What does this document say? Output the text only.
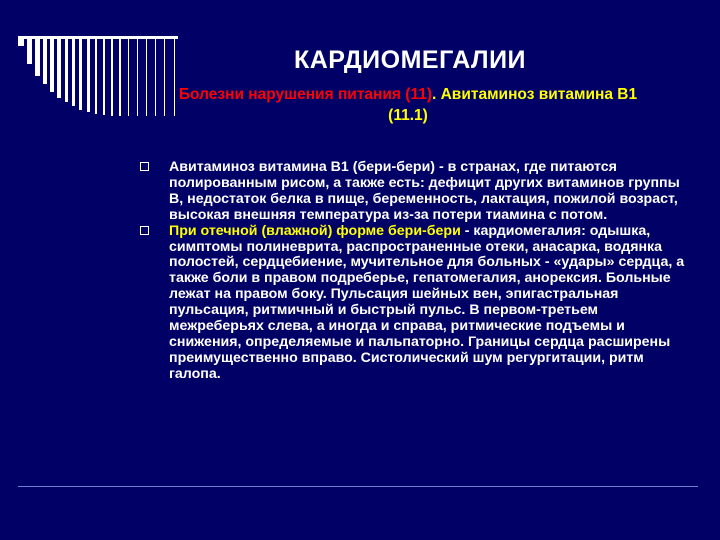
КАРДИОМЕГАЛИИ
Болезни нарушения питания (11). Авитаминоз витамина В1 (11.1)
Авитаминоз витамина В1 (бери-бери) - в странах, где питаются полированным рисом, а также есть: дефицит других витаминов группы В, недостаток белка в пище, беременность, лактация, пожилой возраст, высокая внешняя температура из-за потери тиамина с потом.
При отечной (влажной) форме бери-бери - кардиомегалия: одышка, симптомы полиневрита, распространенные отеки, анасарка, водянка полостей, сердцебиение, мучительное для больных - «удары» сердца, а также боли в правом подреберье, гепатомегалия, анорексия. Больные лежат на правом боку. Пульсация шейных вен, эпигастральная пульсация, ритмичный и быстрый пульс. В первом-третьем межреберьях слева, а иногда и справа, ритмические подъемы и снижения, определяемые и пальпаторно. Границы сердца расширены преимущественно вправо. Систолический шум регургитации, ритм галопа.
